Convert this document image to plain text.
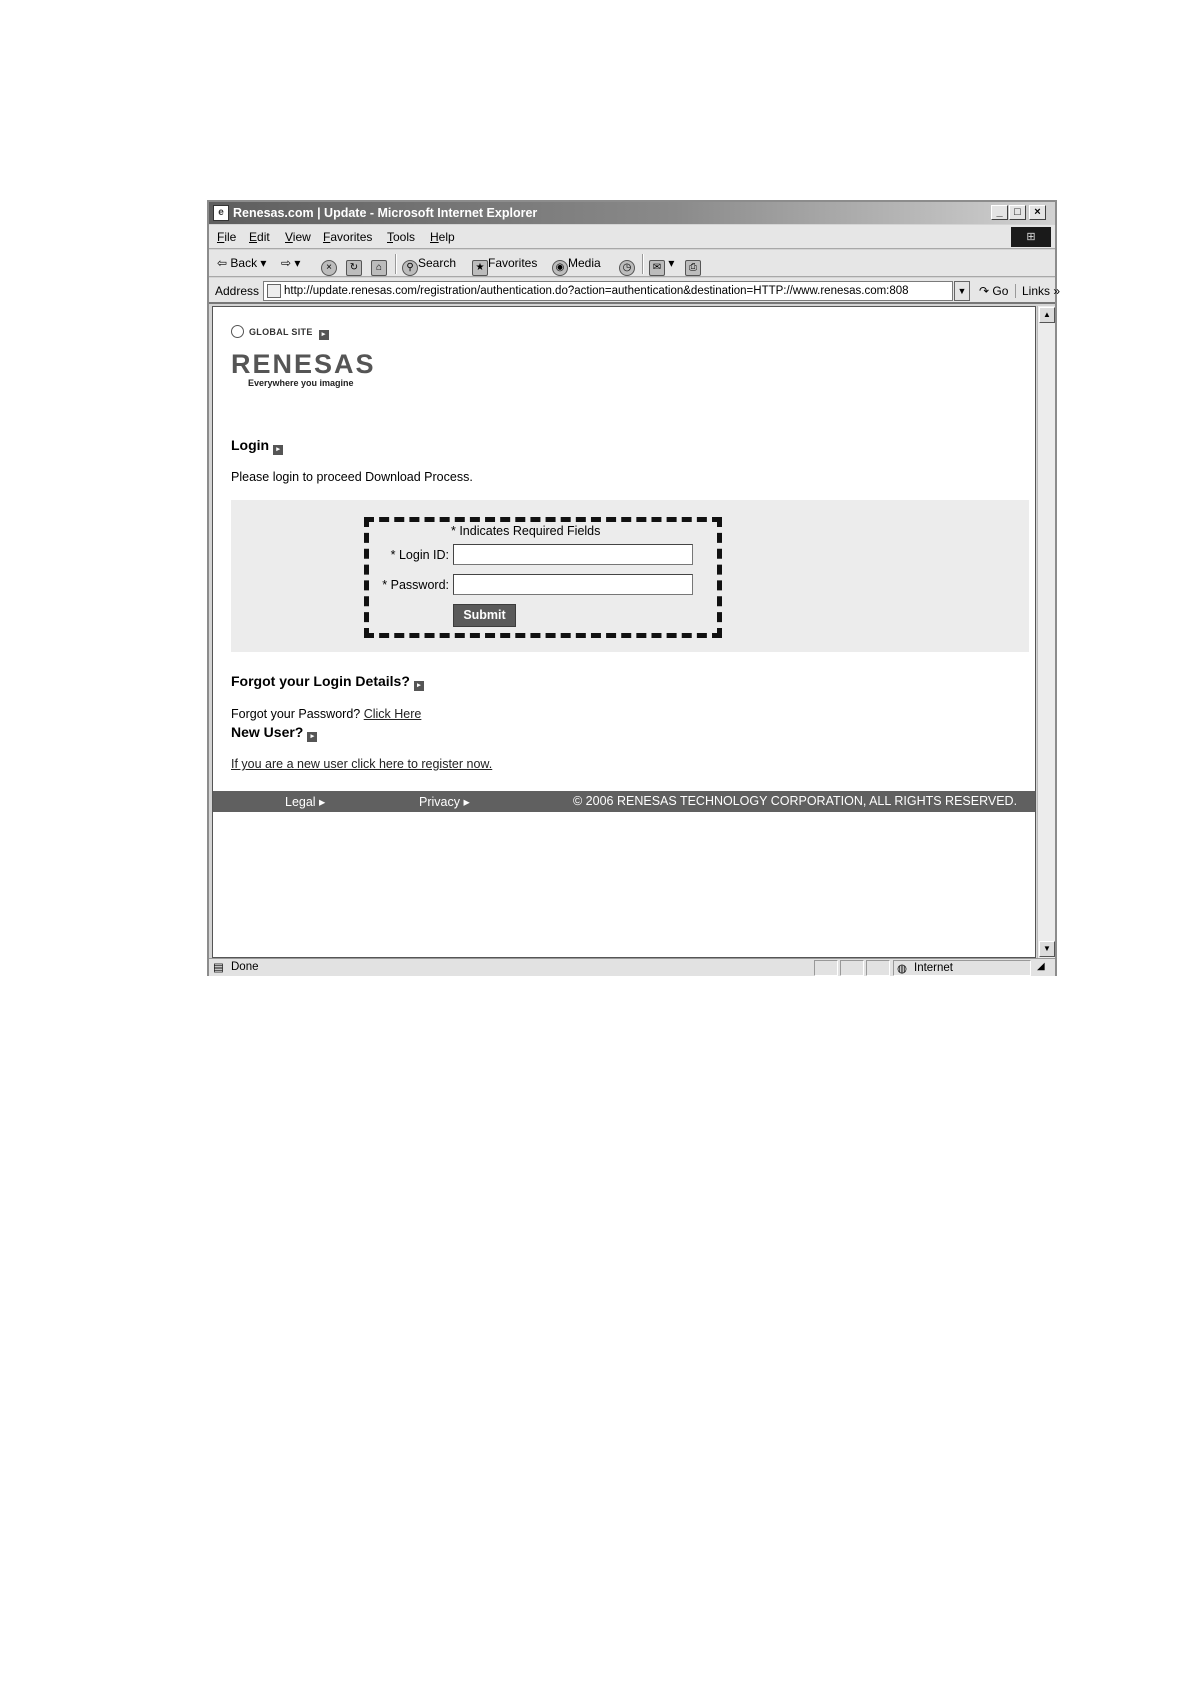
e Renesas.com | Update - Microsoft Internet Explorer	_	□	×
File Edit View Favorites Tools Help	⊞
⇦ Back ▾ ⇨ ▾	×	↻	⌂	⚲ Search	★ Favorites	◉ Media	◷	✉ ▾	⎙
Address	http://update.renesas.com/registration/authentication.do?action=authentication&destination=HTTP://www.renesas.com:808	▼ ↷ Go	Links »
GLOBAL SITE ▸
RENESAS
Everywhere you imagine
Login ▸
Please login to proceed Download Process.
* Indicates Required Fields
* Login ID:
* Password:
Submit
Forgot your Login Details? ▸
Forgot your Password? Click Here
New User? ▸
If you are a new user click here to register now.
Legal ▸	Privacy ▸	© 2006 RENESAS TECHNOLOGY CORPORATION, ALL RIGHTS RESERVED.
▲
▼
▤ Done	◍ Internet	◢
